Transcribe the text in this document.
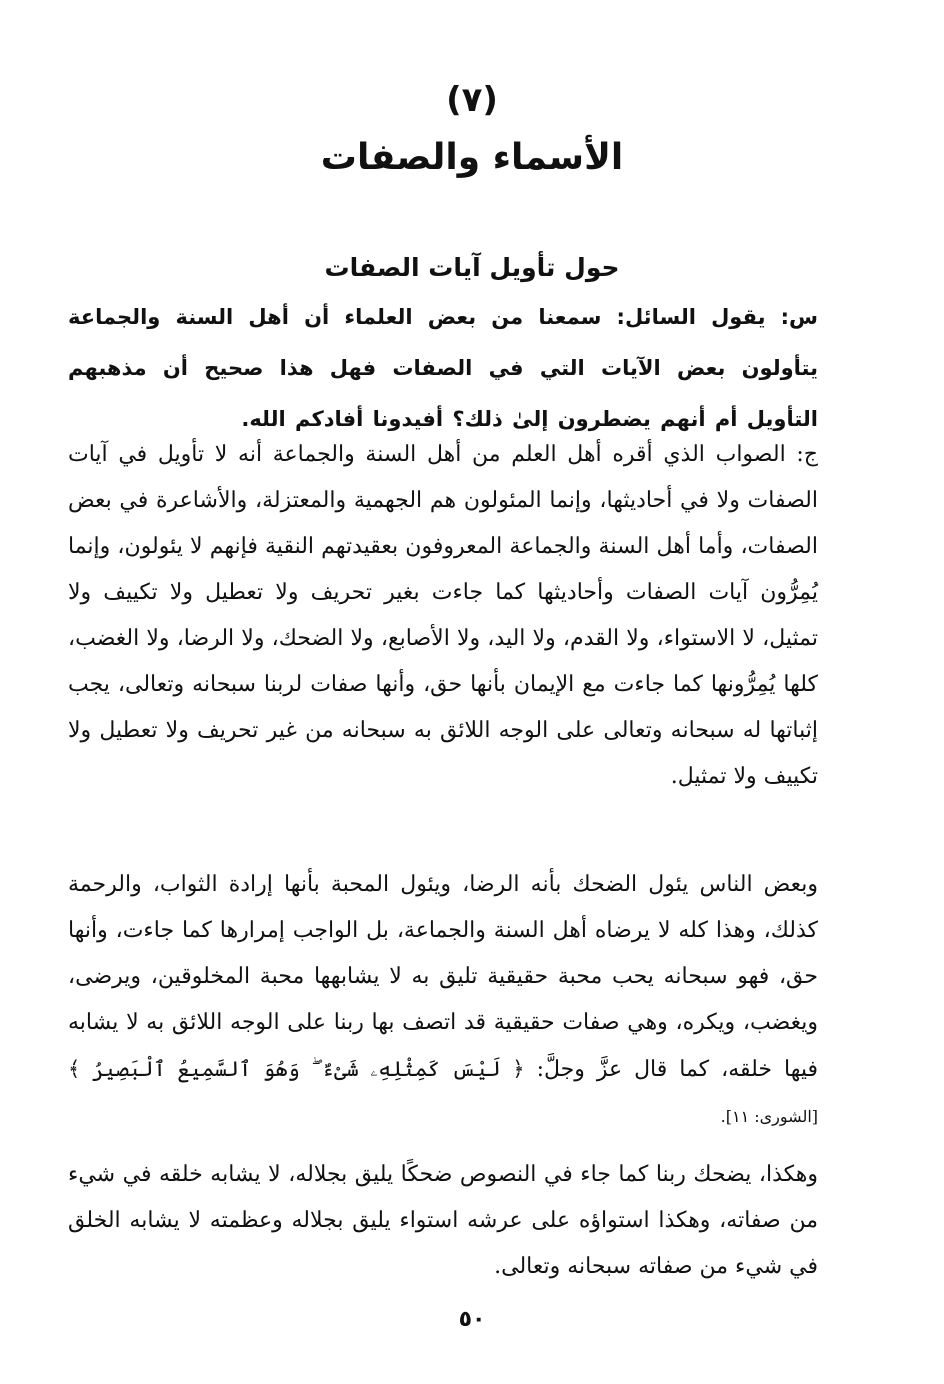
(٧)
الأسماء والصفات
حول تأويل آيات الصفات

س: يقول السائل: سمعنا من بعض العلماء أن أهل السنة والجماعة يتأولون بعض الآيات التي في الصفات فهل هذا صحيح أن مذهبهم التأويل أم أنهم يضطرون إلىٰ ذلك؟ أفيدونا أفادكم الله.

ج: الصواب الذي أقره أهل العلم من أهل السنة والجماعة أنه لا تأويل في آيات الصفات ولا في أحاديثها، وإنما المئولون هم الجهمية والمعتزلة، والأشاعرة في بعض الصفات، وأما أهل السنة والجماعة المعروفون بعقيدتهم النقية فإنهم لا يئولون، وإنما يُمِرُّون آيات الصفات وأحاديثها كما جاءت بغير تحريف ولا تعطيل ولا تكييف ولا تمثيل، لا الاستواء، ولا القدم، ولا اليد، ولا الأصابع، ولا الضحك، ولا الرضا، ولا الغضب، كلها يُمِرُّونها كما جاءت مع الإيمان بأنها حق، وأنها صفات لربنا سبحانه وتعالى، يجب إثباتها له سبحانه وتعالى على الوجه اللائق به سبحانه من غير تحريف ولا تعطيل ولا تكييف ولا تمثيل.

وبعض الناس يئول الضحك بأنه الرضا، ويئول المحبة بأنها إرادة الثواب، والرحمة كذلك، وهذا كله لا يرضاه أهل السنة والجماعة، بل الواجب إمرارها كما جاءت، وأنها حق، فهو سبحانه يحب محبة حقيقية تليق به لا يشابهها محبة المخلوقين، ويرضى، ويغضب، ويكره، وهي صفات حقيقية قد اتصف بها ربنا على الوجه اللائق به لا يشابه فيها خلقه، كما قال عزَّ وجلَّ: ﴿ لَيْسَ كَمِثْلِهِۦ شَىْءٌ ۖ وَهُوَ ٱلسَّمِيعُ ٱلْبَصِيرُ ﴾ [الشورى: ١١].

وهكذا، يضحك ربنا كما جاء في النصوص ضحكًا يليق بجلاله، لا يشابه خلقه في شيء من صفاته، وهكذا استواؤه على عرشه استواء يليق بجلاله وعظمته لا يشابه الخلق في شيء من صفاته سبحانه وتعالى.

٥٠
